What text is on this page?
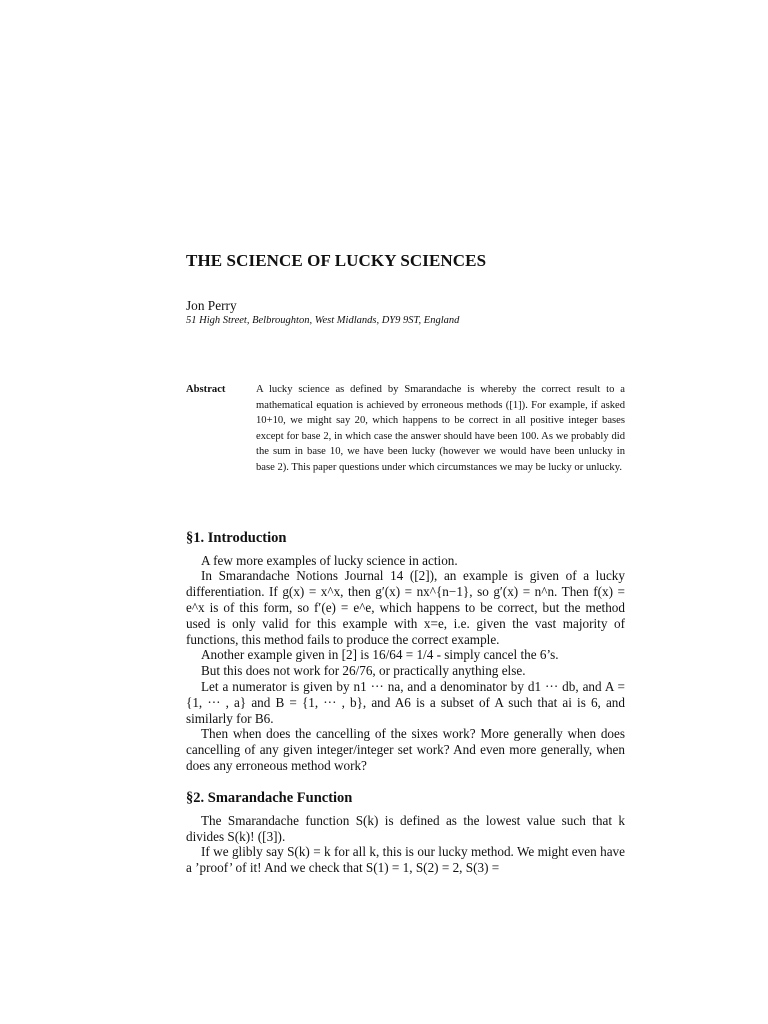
THE SCIENCE OF LUCKY SCIENCES
Jon Perry
51 High Street, Belbroughton, West Midlands, DY9 9ST, England
Abstract	A lucky science as defined by Smarandache is whereby the correct result to a mathematical equation is achieved by erroneous methods ([1]). For example, if asked 10+10, we might say 20, which happens to be correct in all positive integer bases except for base 2, in which case the answer should have been 100. As we probably did the sum in base 10, we have been lucky (however we would have been unlucky in base 2). This paper questions under which circumstances we may be lucky or unlucky.
§1. Introduction

A few more examples of lucky science in action.

In Smarandache Notions Journal 14 ([2]), an example is given of a lucky differentiation. If g(x) = x^x, then g′(x) = nx^{n−1}, so g′(x) = n^n. Then f(x) = e^x is of this form, so f′(e) = e^e, which happens to be correct, but the method used is only valid for this example with x=e, i.e. given the vast majority of functions, this method fails to produce the correct example.

Another example given in [2] is 16/64 = 1/4 - simply cancel the 6’s.

But this does not work for 26/76, or practically anything else.

Let a numerator is given by n1 ··· na, and a denominator by d1 ··· db, and A = {1, ··· , a} and B = {1, ··· , b}, and A6 is a subset of A such that ai is 6, and similarly for B6.

Then when does the cancelling of the sixes work? More generally when does cancelling of any given integer/integer set work? And even more generally, when does any erroneous method work?

§2. Smarandache Function

The Smarandache function S(k) is defined as the lowest value such that k divides S(k)! ([3]).

If we glibly say S(k) = k for all k, this is our lucky method. We might even have a ’proof’ of it! And we check that S(1) = 1, S(2) = 2, S(3) =
